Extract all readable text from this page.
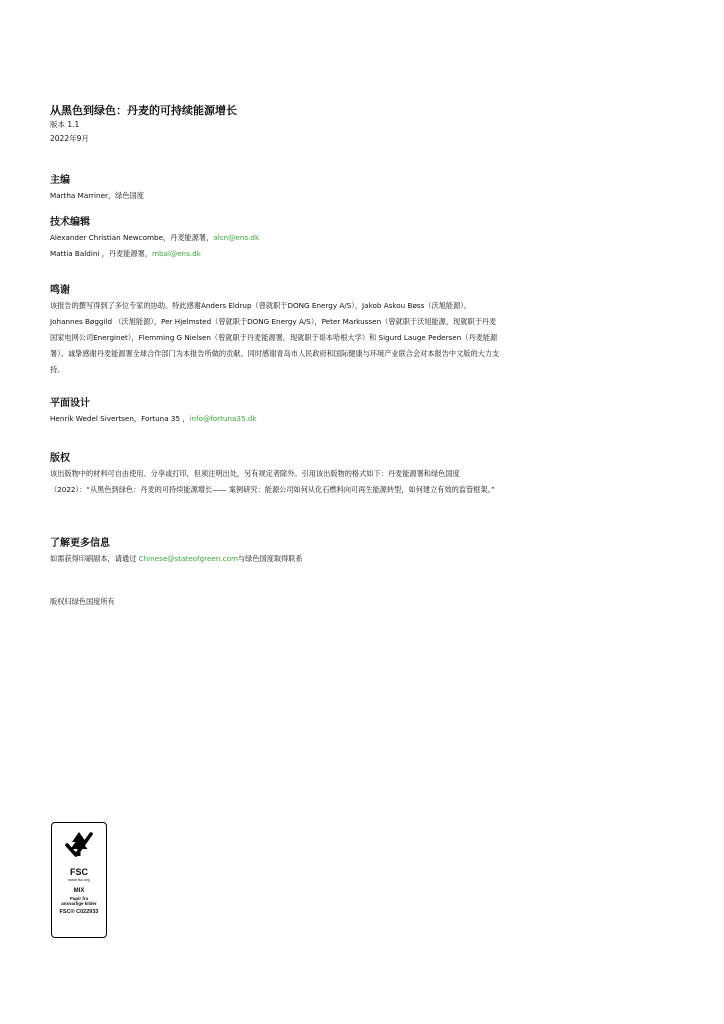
从黑色到绿色：丹麦的可持续能源增长
版本 1.1
2022年9月
主编

Martha Marriner，绿色国度

技术编辑

Alexander Christian Newcombe，丹麦能源署，alcn@ens.dk

Mattia Baldini ，丹麦能源署，mbal@ens.dk

鸣谢

该报告的撰写得到了多位专家的协助。特此感谢Anders Eldrup（曾就职于DONG Energy A/S），Jakob Askou Bøss（沃旭能源），Johannes Bøggild （沃旭能源），Per Hjelmsted（曾就职于DONG Energy A/S），Peter Markussen（曾就职于沃旭能源，现就职于丹麦国家电网公司Energinet），Flemming G Nielsen（曾就职于丹麦能源署，现就职于哥本哈根大学）和 Sigurd Lauge Pedersen（丹麦能源署）。诚挚感谢丹麦能源署全球合作部门为本报告所做的贡献。同时感谢青岛市人民政府和国际健康与环境产业联合会对本报告中文版的大力支持。

平面设计

Henrik Wedel Sivertsen，Fortuna 35 ，info@fortuna35.dk

版权

该出版物中的材料可自由使用、分享或打印，但须注明出处，另有规定者除外。引用该出版物的格式如下：丹麦能源署和绿色国度（2022）：“从黑色到绿色：丹麦的可持续能源增长—— 案例研究：能源公司如何从化石燃料向可再生能源转型，如何建立有效的监管框架。”

了解更多信息

如需获得印刷副本，请通过 Chinese@stateofgreen.com与绿色国度取得联系

版权归绿色国度所有

FSC
www.fsc.org
MIX
Papir fra
ansvarlige kilder
FSC® C022933
